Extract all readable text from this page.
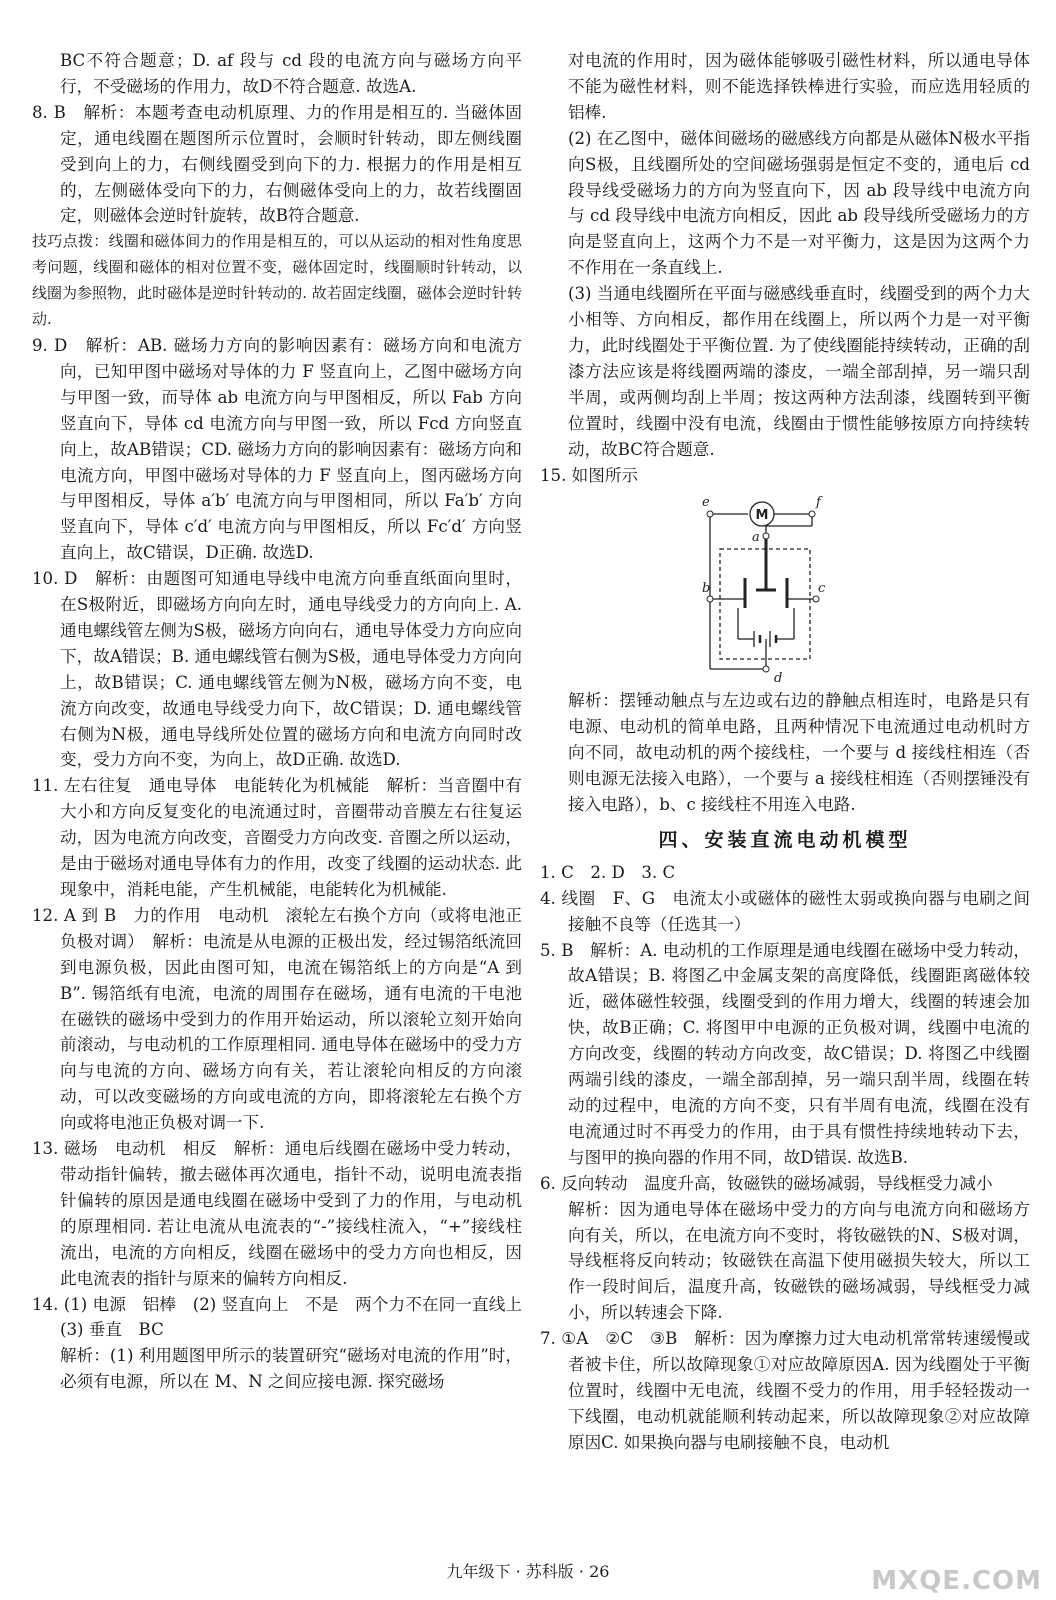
BC不符合题意；D. af 段与 cd 段的电流方向与磁场方向平行，不受磁场的作用力，故D不符合题意. 故选A.

8. B　解析：本题考查电动机原理、力的作用是相互的. 当磁体固定，通电线圈在题图所示位置时，会顺时针转动，即左侧线圈受到向上的力，右侧线圈受到向下的力. 根据力的作用是相互的，左侧磁体受向下的力，右侧磁体受向上的力，故若线圈固定，则磁体会逆时针旋转，故B符合题意.

技巧点拨：线圈和磁体间力的作用是相互的，可以从运动的相对性角度思考问题，线圈和磁体的相对位置不变，磁体固定时，线圈顺时针转动，以线圈为参照物，此时磁体是逆时针转动的. 故若固定线圈，磁体会逆时针转动.

9. D　解析：AB. 磁场力方向的影响因素有：磁场方向和电流方向，已知甲图中磁场对导体的力 F 竖直向上，乙图中磁场方向与甲图一致，而导体 ab 电流方向与甲图相反，所以 Fab 方向竖直向下，导体 cd 电流方向与甲图一致，所以 Fcd 方向竖直向上，故AB错误；CD. 磁场力方向的影响因素有：磁场方向和电流方向，甲图中磁场对导体的力 F 竖直向上，图丙磁场方向与甲图相反，导体 a′b′ 电流方向与甲图相同，所以 Fa′b′ 方向竖直向下，导体 c′d′ 电流方向与甲图相反，所以 Fc′d′ 方向竖直向上，故C错误，D正确. 故选D.

10. D　解析：由题图可知通电导线中电流方向垂直纸面向里时，在S极附近，即磁场方向向左时，通电导线受力的方向向上. A. 通电螺线管左侧为S极，磁场方向向右，通电导体受力方向应向下，故A错误；B. 通电螺线管右侧为S极，通电导体受力方向向上，故B错误；C. 通电螺线管左侧为N极，磁场方向不变，电流方向改变，故通电导线受力向下，故C错误；D. 通电螺线管右侧为N极，通电导线所处位置的磁场方向和电流方向同时改变，受力方向不变，为向上，故D正确. 故选D.

11. 左右往复　通电导体　电能转化为机械能　解析：当音圈中有大小和方向反复变化的电流通过时，音圈带动音膜左右往复运动，因为电流方向改变，音圈受力方向改变. 音圈之所以运动，是由于磁场对通电导体有力的作用，改变了线圈的运动状态. 此现象中，消耗电能，产生机械能，电能转化为机械能.

12. A 到 B　力的作用　电动机　滚轮左右换个方向（或将电池正负极对调）　解析：电流是从电源的正极出发，经过锡箔纸流回到电源负极，因此由图可知，电流在锡箔纸上的方向是“A 到 B”. 锡箔纸有电流，电流的周围存在磁场，通有电流的干电池在磁铁的磁场中受到力的作用开始运动，所以滚轮立刻开始向前滚动，与电动机的工作原理相同. 通电导体在磁场中的受力方向与电流的方向、磁场方向有关，若让滚轮向相反的方向滚动，可以改变磁场的方向或电流的方向，即将滚轮左右换个方向或将电池正负极对调一下.

13. 磁场　电动机　相反　解析：通电后线圈在磁场中受力转动，带动指针偏转，撤去磁体再次通电，指针不动，说明电流表指针偏转的原因是通电线圈在磁场中受到了力的作用，与电动机的原理相同. 若让电流从电流表的“-”接线柱流入，“+”接线柱流出，电流的方向相反，线圈在磁场中的受力方向也相反，因此电流表的指针与原来的偏转方向相反.

14. (1) 电源　铝棒　(2) 竖直向上　不是　两个力不在同一直线上　(3) 垂直　BC

解析：(1) 利用题图甲所示的装置研究“磁场对电流的作用”时，必须有电源，所以在 M、N 之间应接电源. 探究磁场

对电流的作用时，因为磁体能够吸引磁性材料，所以通电导体不能为磁性材料，则不能选择铁棒进行实验，而应选用轻质的铝棒.

(2) 在乙图中，磁体间磁场的磁感线方向都是从磁体N极水平指向S极，且线圈所处的空间磁场强弱是恒定不变的，通电后 cd 段导线受磁场力的方向为竖直向下，因 ab 段导线中电流方向与 cd 段导线中电流方向相反，因此 ab 段导线所受磁场力的方向是竖直向上，这两个力不是一对平衡力，这是因为这两个力不作用在一条直线上.

(3) 当通电线圈所在平面与磁感线垂直时，线圈受到的两个力大小相等、方向相反，都作用在线圈上，所以两个力是一对平衡力，此时线圈处于平衡位置. 为了使线圈能持续转动，正确的刮漆方法应该是将线圈两端的漆皮，一端全部刮掉，另一端只刮半周，或两侧均刮上半周；按这两种方法刮漆，线圈转到平衡位置时，线圈中没有电流，线圈由于惯性能够按原方向持续转动，故BC符合题意.

15. 如图所示

e	f
a
b	c
d
M

解析：摆锤动触点与左边或右边的静触点相连时，电路是只有电源、电动机的简单电路，且两种情况下电流通过电动机时方向不同，故电动机的两个接线柱，一个要与 d 接线柱相连（否则电源无法接入电路），一个要与 a 接线柱相连（否则摆锤没有接入电路），b、c 接线柱不用连入电路.

四、安装直流电动机模型

1. C　2. D　3. C

4. 线圈　F、G　电流太小或磁体的磁性太弱或换向器与电刷之间接触不良等（任选其一）

5. B　解析：A. 电动机的工作原理是通电线圈在磁场中受力转动，故A错误；B. 将图乙中金属支架的高度降低，线圈距离磁体较近，磁体磁性较强，线圈受到的作用力增大，线圈的转速会加快，故B正确；C. 将图甲中电源的正负极对调，线圈中电流的方向改变，线圈的转动方向改变，故C错误；D. 将图乙中线圈两端引线的漆皮，一端全部刮掉，另一端只刮半周，线圈在转动的过程中，电流的方向不变，只有半周有电流，线圈在没有电流通过时不再受力的作用，由于具有惯性持续地转动下去，与图甲的换向器的作用不同，故D错误. 故选B.

6. 反向转动　温度升高，钕磁铁的磁场减弱，导线框受力减小

解析：因为通电导体在磁场中受力的方向与电流方向和磁场方向有关，所以，在电流方向不变时，将钕磁铁的N、S极对调，导线框将反向转动；钕磁铁在高温下使用磁损失较大，所以工作一段时间后，温度升高，钕磁铁的磁场减弱，导线框受力减小，所以转速会下降.

7. ①A　②C　③B　解析：因为摩擦力过大电动机常常转速缓慢或者被卡住，所以故障现象①对应故障原因A. 因为线圈处于平衡位置时，线圈中无电流，线圈不受力的作用，用手轻轻拨动一下线圈，电动机就能顺利转动起来，所以故障现象②对应故障原因C. 如果换向器与电刷接触不良，电动机

九年级下 · 苏科版 · 26	MXQE.COM
